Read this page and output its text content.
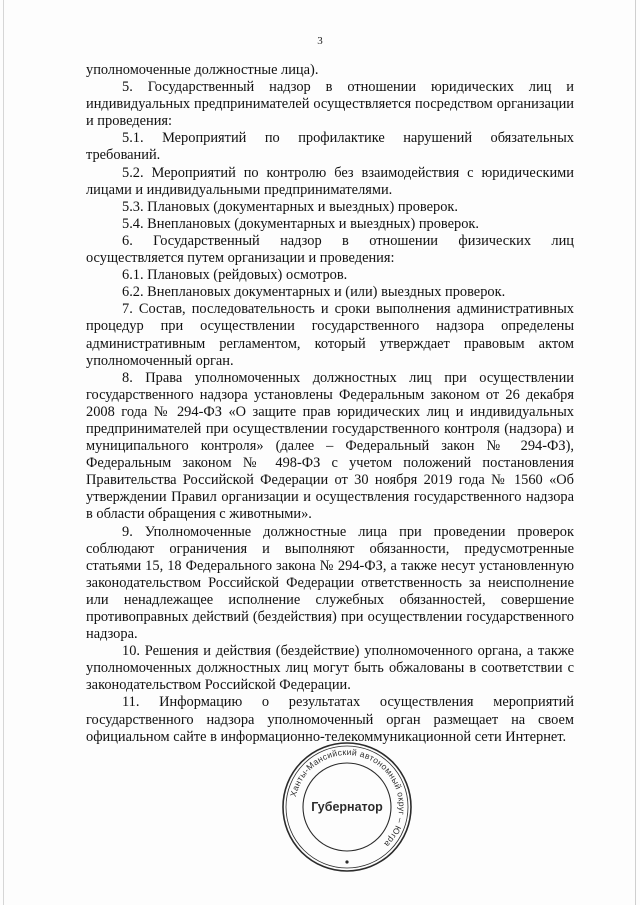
3

уполномоченные должностные лица).

5. Государственный надзор в отношении юридических лиц и индивидуальных предпринимателей осуществляется посредством организации и проведения:

5.1. Мероприятий по профилактике нарушений обязательных требований.

5.2. Мероприятий по контролю без взаимодействия с юридическими лицами и индивидуальными предпринимателями.

5.3. Плановых (документарных и выездных) проверок.

5.4. Внеплановых (документарных и выездных) проверок.

6. Государственный надзор в отношении физических лиц осуществляется путем организации и проведения:

6.1. Плановых (рейдовых) осмотров.

6.2. Внеплановых документарных и (или) выездных проверок.

7. Состав, последовательность и сроки выполнения административных процедур при осуществлении государственного надзора определены административным регламентом, который утверждает правовым актом уполномоченный орган.

8. Права уполномоченных должностных лиц при осуществлении государственного надзора установлены Федеральным законом от 26 декабря 2008 года № 294-ФЗ «О защите прав юридических лиц и индивидуальных предпринимателей при осуществлении государственного контроля (надзора) и муниципального контроля» (далее – Федеральный закон № 294-ФЗ), Федеральным законом № 498-ФЗ с учетом положений постановления Правительства Российской Федерации от 30 ноября 2019 года № 1560 «Об утверждении Правил организации и осуществления государственного надзора в области обращения с животными».

9. Уполномоченные должностные лица при проведении проверок соблюдают ограничения и выполняют обязанности, предусмотренные статьями 15, 18 Федерального закона № 294-ФЗ, а также несут установленную законодательством Российской Федерации ответственность за неисполнение или ненадлежащее исполнение служебных обязанностей, совершение противоправных действий (бездействия) при осуществлении государственного надзора.

10. Решения и действия (бездействие) уполномоченного органа, а также уполномоченных должностных лиц могут быть обжалованы в соответствии с законодательством Российской Федерации.

11. Информацию о результатах осуществления мероприятий государственного надзора уполномоченный орган размещает на своем официальном сайте в информационно-телекоммуникационной сети Интернет.

Ханты-Мансийский автономный округ – Югра
Губернатор
